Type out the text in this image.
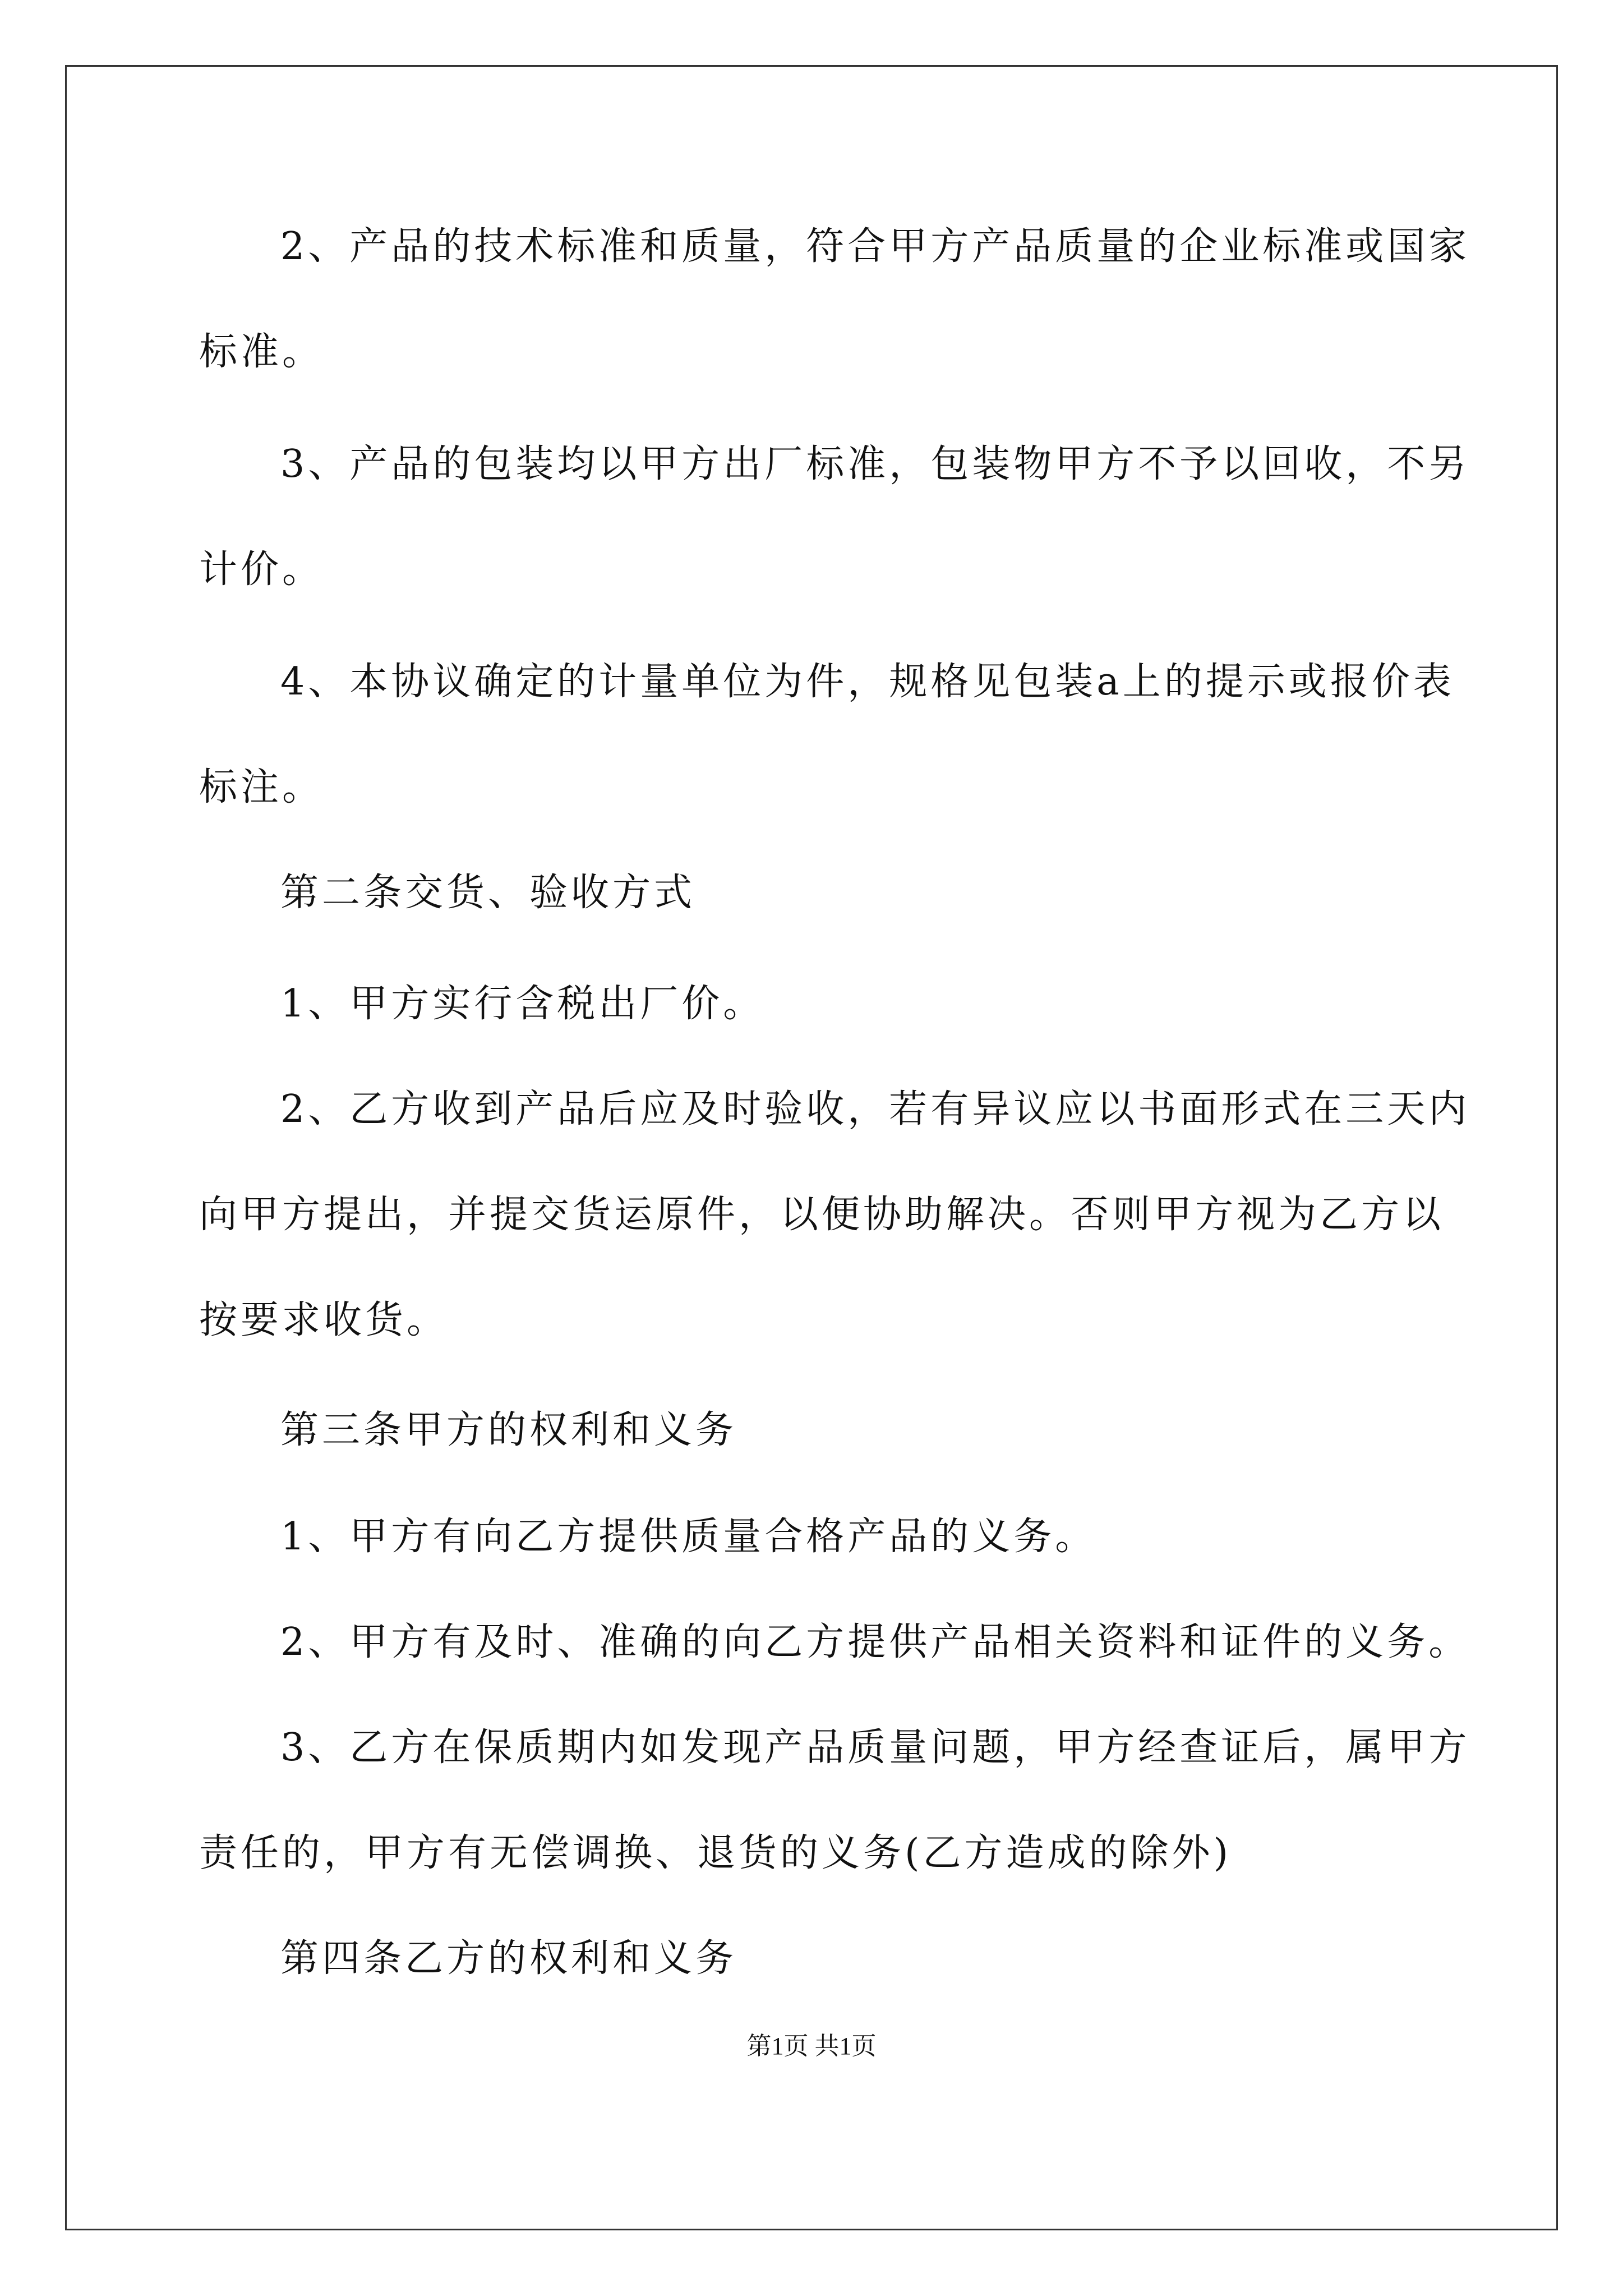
2、产品的技术标准和质量，符合甲方产品质量的企业标准或国家
标准。
3、产品的包装均以甲方出厂标准，包装物甲方不予以回收，不另
计价。
4、本协议确定的计量单位为件，规格见包装a上的提示或报价表
标注。
第二条交货、验收方式
1、甲方实行含税出厂价。
2、乙方收到产品后应及时验收，若有异议应以书面形式在三天内
向甲方提出，并提交货运原件，以便协助解决。否则甲方视为乙方以
按要求收货。
第三条甲方的权利和义务
1、甲方有向乙方提供质量合格产品的义务。
2、甲方有及时、准确的向乙方提供产品相关资料和证件的义务。
3、乙方在保质期内如发现产品质量问题，甲方经查证后，属甲方
责任的，甲方有无偿调换、退货的义务(乙方造成的除外)
第四条乙方的权利和义务
第1页 共1页
